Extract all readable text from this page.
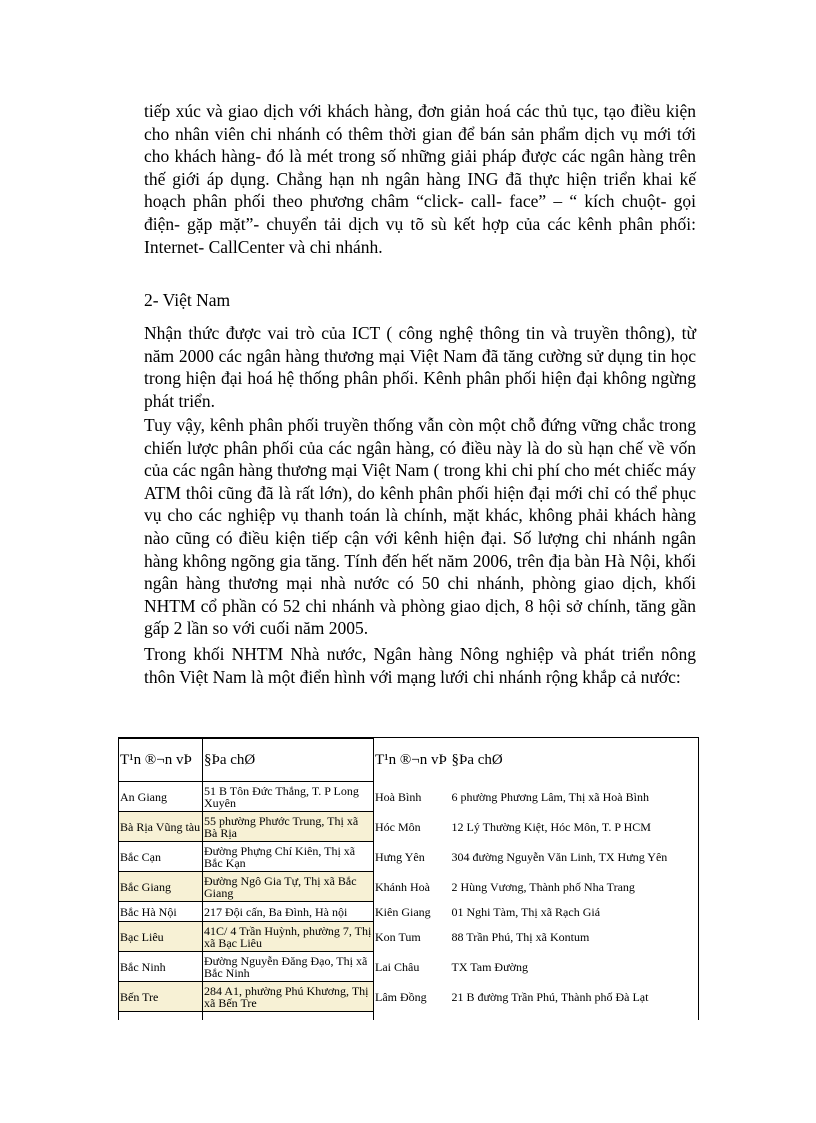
tiếp xúc và giao dịch với khách hàng, đơn giản hoá các thủ tục, tạo điều kiện cho nhân viên chi nhánh có thêm thời gian để bán sản phẩm dịch vụ mới tới cho khách hàng- đó là mét trong số những giải pháp được các ngân hàng trên thế giới áp dụng. Chẳng hạn nh ngân hàng ING đã thực hiện triển khai kế hoạch phân phối theo phương châm “click- call- face” – “ kích chuột- gọi điện- gặp mặt”- chuyển tải dịch vụ tõ sù kết hợp của các kênh phân phối: Internet- CallCenter và chi nhánh.
2- Việt Nam
Nhận thức được vai trò của ICT ( công nghệ thông tin và truyền thông), từ năm 2000 các ngân hàng thương mại Việt Nam đã tăng cường sử dụng tin học trong hiện đại hoá hệ thống phân phối. Kênh phân phối hiện đại không ngừng phát triển.
Tuy vậy, kênh phân phối truyền thống vẫn còn một chỗ đứng vững chắc trong chiến lược phân phối của các ngân hàng, có điều này là do sù hạn chế về vốn của các ngân hàng thương mại Việt Nam ( trong khi chi phí cho mét chiếc máy ATM thôi cũng đã là rất lớn), do kênh phân phối hiện đại mới chỉ có thể phục vụ cho các nghiệp vụ thanh toán là chính, mặt khác, không phải khách hàng nào cũng có điều kiện tiếp cận với kênh hiện đại. Số lượng chi nhánh ngân hàng không ngõng gia tăng. Tính đến hết năm 2006, trên địa bàn Hà Nội, khối ngân hàng thương mại nhà nước có 50 chi nhánh, phòng giao dịch, khối NHTM cổ phần có 52 chi nhánh và phòng giao dịch, 8 hội sở chính, tăng gần gấp 2 lần so với cuối năm 2005.
Trong khối NHTM Nhà nước, Ngân hàng Nông nghiệp và phát triển nông thôn Việt Nam là một điển hình với mạng lưới chi nhánh rộng khắp cả nước:
T¹n ®¬n vÞ	§Þa chØ	T¹n ®¬n vÞ	§Þa chØ
An Giang	51 B Tôn Đức Thắng, T. P Long Xuyên	Hoà Bình	6 phường Phương Lâm, Thị xã Hoà Bình
Bà Rịa Vũng tàu	55 phường Phước Trung, Thị xã Bà Rịa	Hóc Môn	12 Lý Thường Kiệt, Hóc Môn, T. P HCM
Bắc Cạn	Đường Phựng Chí Kiên, Thị xã Bắc Kạn	Hưng Yên	304 đường Nguyễn Văn Linh, TX Hưng Yên
Bắc Giang	Đường Ngô Gia Tự, Thị xã Bắc Giang	Khánh Hoà	2 Hùng Vương, Thành phố Nha Trang
Bắc Hà Nội	217 Đội cấn, Ba Đình, Hà nội	Kiên Giang	01 Nghi Tàm, Thị xã Rạch Giá
Bạc Liêu	41C/ 4 Trần Huỳnh, phường 7, Thị xã Bạc Liêu	Kon Tum	88 Trần Phú, Thị xã Kontum
Bắc Ninh	Đường Nguyễn Đăng Đạo, Thị xã Bắc Ninh	Lai Châu	TX Tam Đường
Bến Tre	284 A1, phường Phú Khương, Thị xã Bến Tre	Lâm Đồng	21 B đường Trần Phú, Thành phố Đà Lạt
